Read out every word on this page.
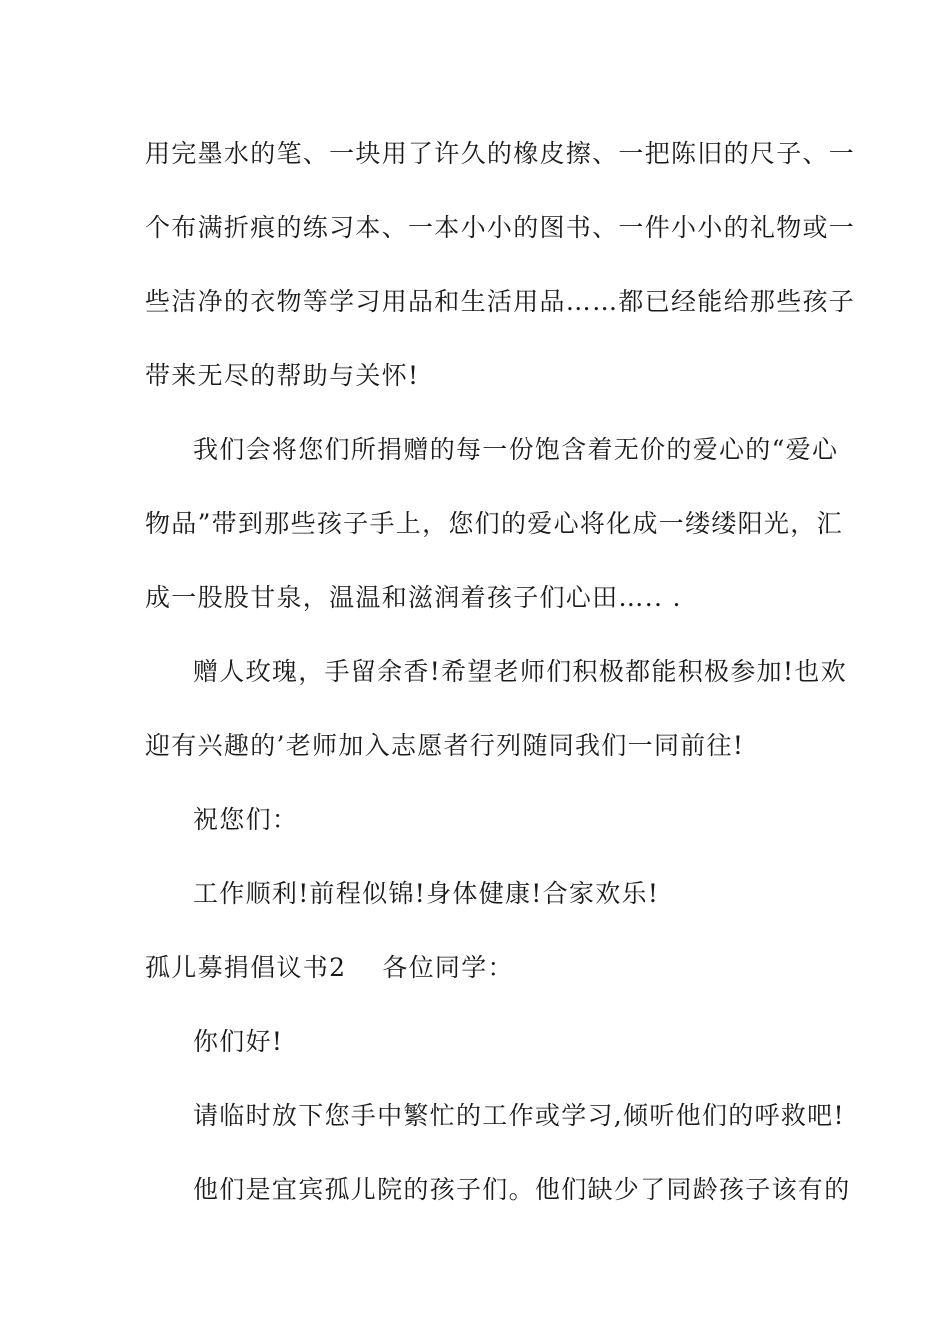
用完墨水的笔、一块用了许久的橡皮擦、一把陈旧的尺子、一
个布满折痕的练习本、一本小小的图书、一件小小的礼物或一
些洁净的衣物等学习用品和生活用品……都已经能给那些孩子
带来无尽的帮助与关怀!
我们会将您们所捐赠的每一份饱含着无价的爱心的“爱心
物品”带到那些孩子手上，您们的爱心将化成一缕缕阳光，汇
成一股股甘泉，温温和滋润着孩子们心田….. .
赠人玫瑰，手留余香!希望老师们积极都能积极参加!也欢
迎有兴趣的’老师加入志愿者行列随同我们一同前往!
祝您们：
工作顺利!前程似锦!身体健康!合家欢乐!
孤儿募捐倡议书2 各位同学：
你们好!
请临时放下您手中繁忙的工作或学习,倾听他们的呼救吧!
他们是宜宾孤儿院的孩子们。他们缺少了同龄孩子该有的
